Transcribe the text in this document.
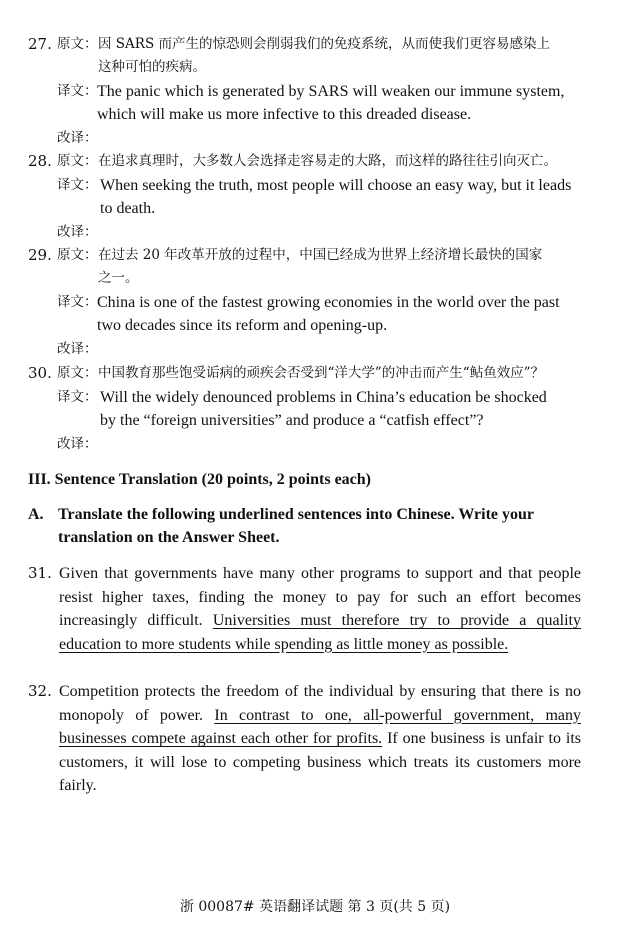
27. 原文： 因 SARS 而产生的惊恐则会削弱我们的免疫系统，从而使我们更容易感染上
这种可怕的疾病。
译文： The panic which is generated by SARS will weaken our immune system,
which will make us more infective to this dreaded disease.
改译：
28. 原文： 在追求真理时，大多数人会选择走容易走的大路，而这样的路往往引向灭亡。
译文： When seeking the truth, most people will choose an easy way, but it leads
to death.
改译：
29. 原文： 在过去 20 年改革开放的过程中，中国已经成为世界上经济增长最快的国家
之一。
译文： China is one of the fastest growing economies in the world over the past
two decades since its reform and opening-up.
改译：
30. 原文： 中国教育那些饱受诟病的顽疾会否受到“洋大学”的冲击而产生“鲇鱼效应”？
译文： Will the widely denounced problems in China’s education be shocked
by the “foreign universities” and produce a “catfish effect”?
改译：
III. Sentence Translation (20 points, 2 points each)
A. Translate the following underlined sentences into Chinese. Write your
translation on the Answer Sheet.
31. Given that governments have many other programs to support and that people resist higher taxes, finding the money to pay for such an effort becomes increasingly difficult. Universities must therefore try to provide a quality education to more students while spending as little money as possible.
32. Competition protects the freedom of the individual by ensuring that there is no monopoly of power. In contrast to one, all-powerful government, many businesses compete against each other for profits. If one business is unfair to its customers, it will lose to competing business which treats its customers more fairly.
浙 00087# 英语翻译试题 第 3 页(共 5 页)
